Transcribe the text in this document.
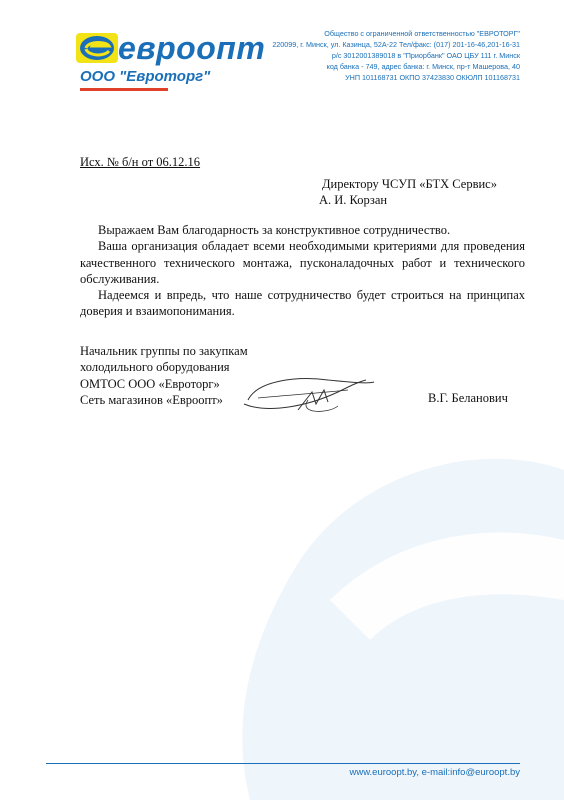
евроопт
ООО "Евроторг"
Общество с ограниченной ответственностью "ЕВРОТОРГ"
220099, г. Минск, ул. Казинца, 52А-22 Тел/факс: (017) 201-16-46,201-16-31
р/с 3012001389018 в "Приорбанк" ОАО ЦБУ 111 г. Минск
код банка - 749, адрес банка: г. Минск, пр-т Машерова, 40
УНП 101168731 ОКПО 37423830 ОКЮЛП 101168731
Исх. № б/н от 06.12.16
Директору ЧСУП «БТХ Сервис»
А. И. Корзан

Выражаем Вам благодарность за конструктивное сотрудничество.

Ваша организация обладает всеми необходимыми критериями для проведения качественного технического монтажа, пусконаладочных работ и технического обслуживания.

Надеемся и впредь, что наше сотрудничество будет строиться на принципах доверия и взаимопонимания.

Начальник группы по закупкам
холодильного оборудования
ОМТОС ООО «Евроторг»
Сеть магазинов «Евроопт»	В.Г. Беланович
www.euroopt.by, e-mail:info@euroopt.by
